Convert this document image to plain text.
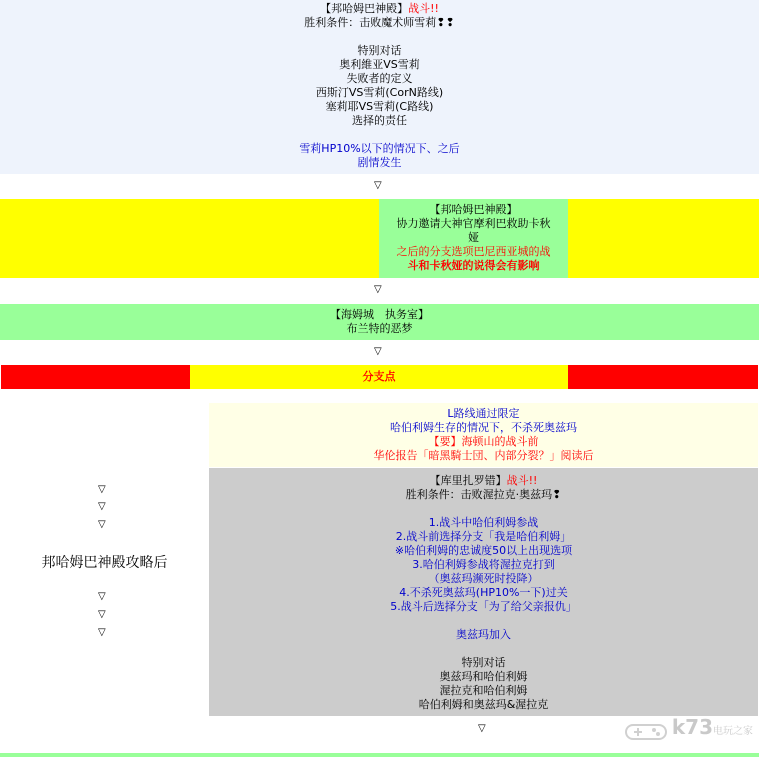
【邦哈姆巴神殿】战斗!!
胜利条件：击败魔术师雪莉❢❢
特别对话
奥利維亚VS雪莉
失败者的定义
西斯汀VS雪莉(CorN路线)
塞莉耶VS雪莉(C路线)
选择的责任
雪莉HP10%以下的情况下、之后
剧情发生
▽
【邦哈姆巴神殿】
协力邀请大神官摩利巴救助卡秋
娅
之后的分支选项巴尼西亚城的战
斗和卡秋娅的说得会有影响
▽
【海姆城　执务室】
布兰特的恶梦
▽
分支点
▽
▽
▽
邦哈姆巴神殿攻略后
▽
▽
▽
L路线通过限定
哈伯利姆生存的情况下，不杀死奥兹玛
【要】海顿山的战斗前
华伦报告「暗黑騎士団、内部分裂？」阅读后
【库里扎罗错】战斗!!
胜利条件：击败渥拉克·奥兹玛❢
1.战斗中哈伯利姆参战
2.战斗前选择分支「我是哈伯利姆」
※哈伯利姆的忠诚度50以上出现选项
3.哈伯利姆参战将渥拉克打到
（奥兹玛濒死时投降）
4.不杀死奥兹玛(HP10%一下)过关
5.战斗后选择分支「为了给父亲报仇」
奥兹玛加入
特别对话
奥兹玛和哈伯利姆
渥拉克和哈伯利姆
哈伯利姆和奥兹玛&渥拉克
▽	k73电玩之家
